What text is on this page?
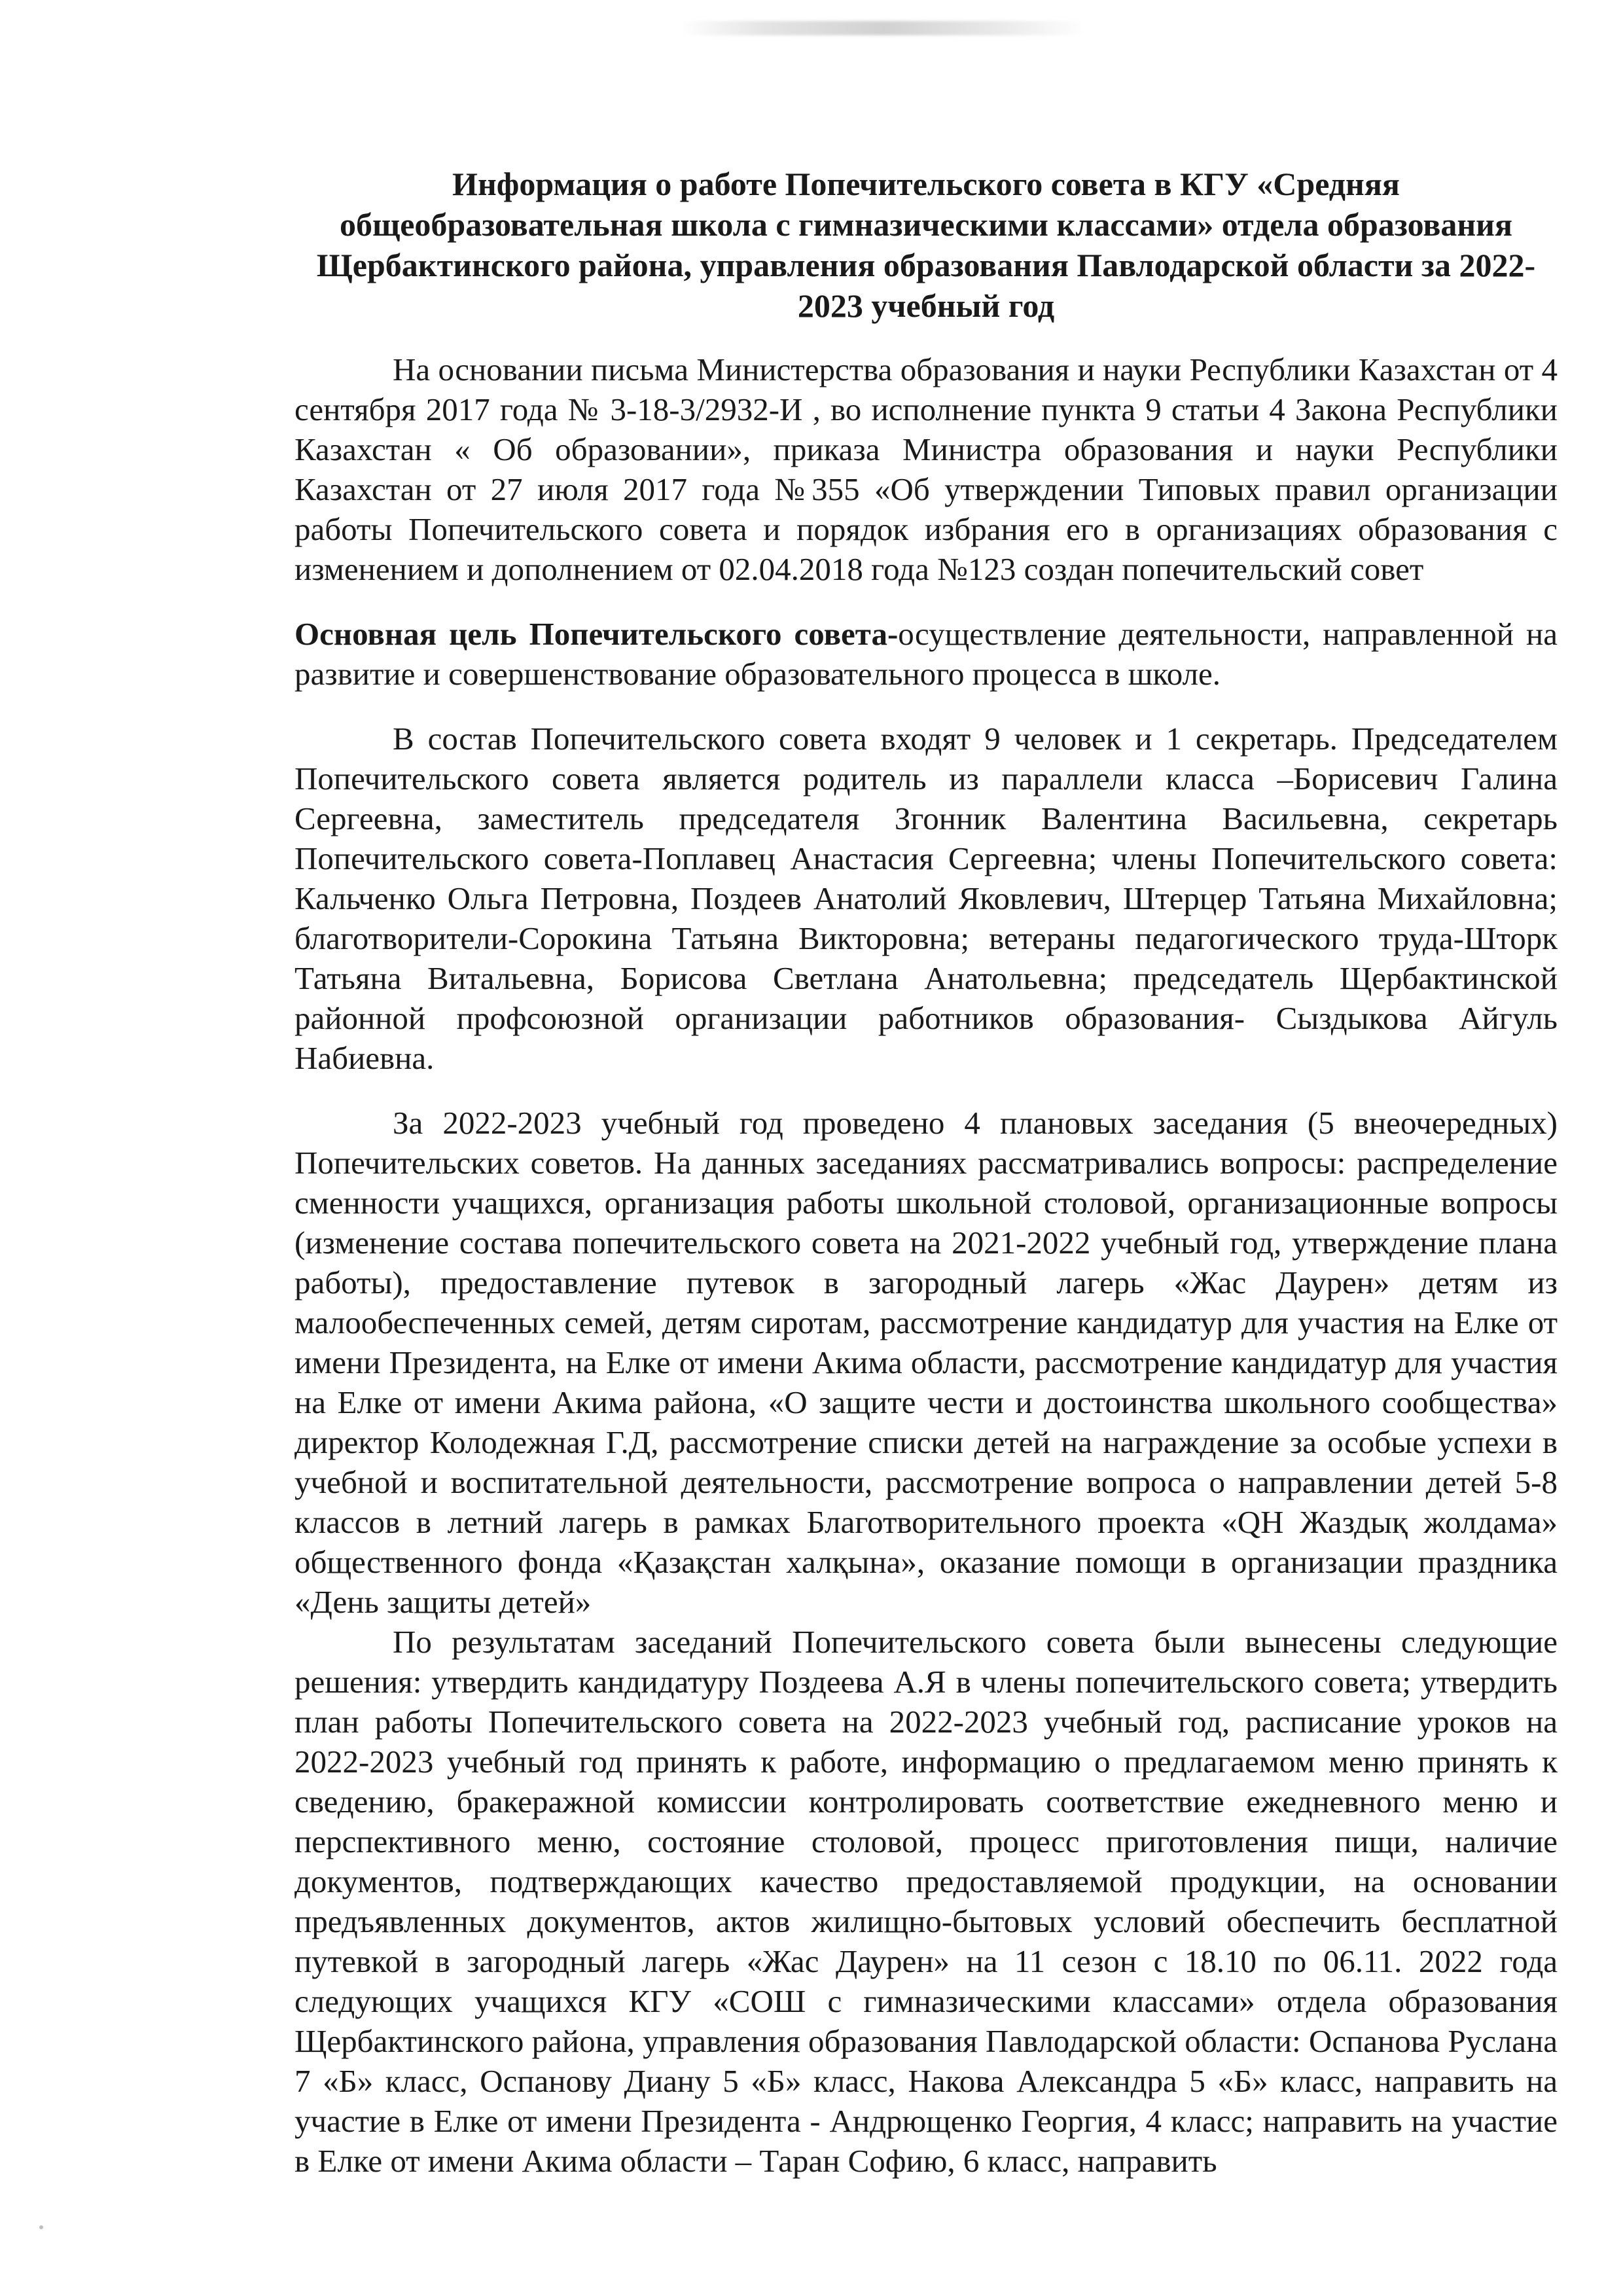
Информация о работе Попечительского совета в КГУ «Средняя
общеобразовательная школа с гимназическими классами» отдела образования
Щербактинского района, управления образования Павлодарской области за 2022-
2023 учебный год

На основании письма Министерства образования и науки Республики Казахстан от 4 сентября 2017 года № 3-18-3/2932-И , во исполнение пункта 9 статьи 4 Закона Республики Казахстан « Об образовании», приказа Министра образования и науки Республики Казахстан от 27 июля 2017 года №355 «Об утверждении Типовых правил организации работы Попечительского совета и порядок избрания его в организациях образования с изменением и дополнением от 02.04.2018 года №123 создан попечительский совет

Основная цель Попечительского совета-осуществление деятельности, направленной на развитие и совершенствование образовательного процесса в школе.

В состав Попечительского совета входят 9 человек и 1 секретарь. Председателем Попечительского совета является родитель из параллели класса –Борисевич Галина Сергеевна, заместитель председателя Згонник Валентина Васильевна, секретарь Попечительского совета-Поплавец Анастасия Сергеевна; члены Попечительского совета: Кальченко Ольга Петровна, Поздеев Анатолий Яковлевич, Штерцер Татьяна Михайловна; благотворители-Сорокина Татьяна Викторовна; ветераны педагогического труда-Шторк Татьяна Витальевна, Борисова Светлана Анатольевна; председатель Щербактинской районной профсоюзной организации работников образования- Сыздыкова Айгуль Набиевна.

За 2022-2023 учебный год проведено 4 плановых заседания (5 внеочередных) Попечительских советов. На данных заседаниях рассматривались вопросы: распределение сменности учащихся, организация работы школьной столовой, организационные вопросы (изменение состава попечительского совета на 2021-2022 учебный год, утверждение плана работы), предоставление путевок в загородный лагерь «Жас Даурен» детям из малообеспеченных семей, детям сиротам, рассмотрение кандидатур для участия на Елке от имени Президента, на Елке от имени Акима области, рассмотрение кандидатур для участия на Елке от имени Акима района, «О защите чести и достоинства школьного сообщества» директор Колодежная Г.Д, рассмотрение списки детей на награждение за особые успехи в учебной и воспитательной деятельности, рассмотрение вопроса о направлении детей 5-8 классов в летний лагерь в рамках Благотворительного проекта «QH Жаздық жолдама» общественного фонда «Қазақстан халқына», оказание помощи в организации праздника «День защиты детей»

По результатам заседаний Попечительского совета были вынесены следующие решения: утвердить кандидатуру Поздеева А.Я в члены попечительского совета; утвердить план работы Попечительского совета на 2022-2023 учебный год, расписание уроков на 2022-2023 учебный год принять к работе, информацию о предлагаемом меню принять к сведению, бракеражной комиссии контролировать соответствие ежедневного меню и перспективного меню, состояние столовой, процесс приготовления пищи, наличие документов, подтверждающих качество предоставляемой продукции, на основании предъявленных документов, актов жилищно-бытовых условий обеспечить бесплатной путевкой в загородный лагерь «Жас Даурен» на 11 сезон с 18.10 по 06.11. 2022 года следующих учащихся КГУ «СОШ с гимназическими классами» отдела образования Щербактинского района, управления образования Павлодарской области: Оспанова Руслана 7 «Б» класс, Оспанову Диану 5 «Б» класс, Накова Александра 5 «Б» класс, направить на участие в Елке от имени Президента - Андрющенко Георгия, 4 класс; направить на участие в Елке от имени Акима области – Таран Софию, 6 класс, направить
